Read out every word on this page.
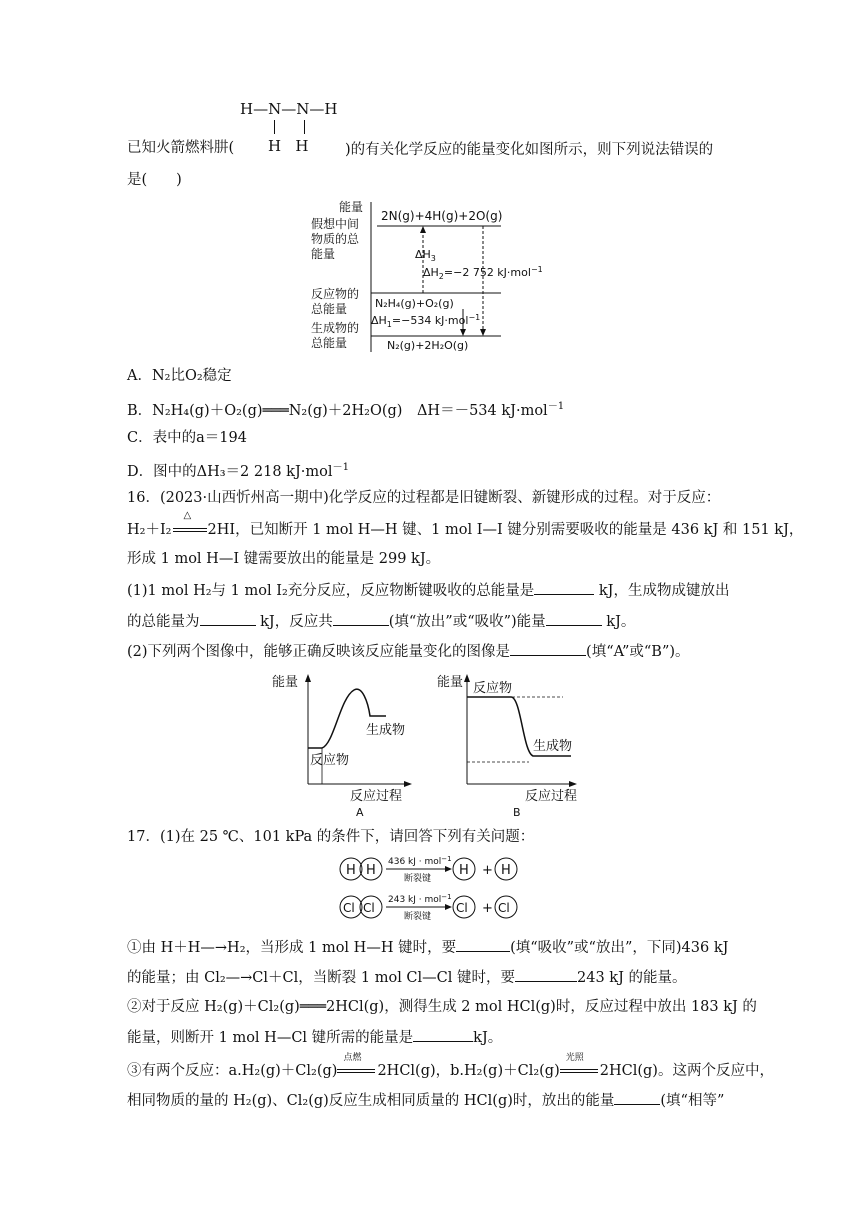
H—N—N—H
H   H
已知火箭燃料肼(	)的有关化学反应的能量变化如图所示，则下列说法错误的
是(　　)
能量
假想中间
物质的总
能量
反应物的
总能量
生成物的
总能量
2N(g)+4H(g)+2O(g)
N₂H₄(g)+O₂(g)
N₂(g)+2H₂O(g)
$\Delta H_3$
$\Delta H_2=-2$ 752 kJ·mol$^{-1}$
$\Delta H_1=-534$ kJ·mol$^{-1}$
A．N₂比O₂稳定
B．N₂H₄(g)＋O₂(g)═══N₂(g)＋2H₂O(g)　ΔH＝－534 kJ·mol$^{-1}$
C．表中的a＝194
D．图中的ΔH₃＝2 218 kJ·mol$^{-1}$
16．(2023·山西忻州高一期中)化学反应的过程都是旧键断裂、新键形成的过程。对于反应：
H₂＋I₂
△
2HI，已知断开 1 mol H—H 键、1 mol I—I 键分别需要吸收的能量是 436 kJ 和 151 kJ，
形成 1 mol H—I 键需要放出的能量是 299 kJ。
(1)1 mol H₂与 1 mol I₂充分反应，反应物断键吸收的总能量是	kJ，生成物成键放出
的总能量为	kJ，反应共	(填“放出”或“吸收”)能量	kJ。
(2)下列两个图像中，能够正确反映该反应能量变化的图像是	(填“A”或“B”)。
能量
反应物
生成物
反应过程
A
能量 反应物
生成物
反应过程
B
17．(1)在 25 ℃、101 kPa 的条件下，请回答下列有关问题：
H H
436 kJ · mol$^{-1}$
断裂键
H + H
Cl Cl
243 kJ · mol$^{-1}$
断裂键
Cl + Cl
①由 H＋H—→H₂，当形成 1 mol H—H 键时，要	(填“吸收”或“放出”，下同)436 kJ
的能量；由 Cl₂—→Cl＋Cl，当断裂 1 mol Cl—Cl 键时，要	243 kJ 的能量。
②对于反应 H₂(g)＋Cl₂(g)═══2HCl(g)，测得生成 2 mol HCl(g)时，反应过程中放出 183 kJ 的
能量，则断开 1 mol H—Cl 键所需的能量是	kJ。
③有两个反应：a.H₂(g)＋Cl₂(g)
点燃
2HCl(g)，b.H₂(g)＋Cl₂(g)
光照
2HCl(g)。这两个反应中，
相同物质的量的 H₂(g)、Cl₂(g)反应生成相同质量的 HCl(g)时，放出的能量	(填“相等”
